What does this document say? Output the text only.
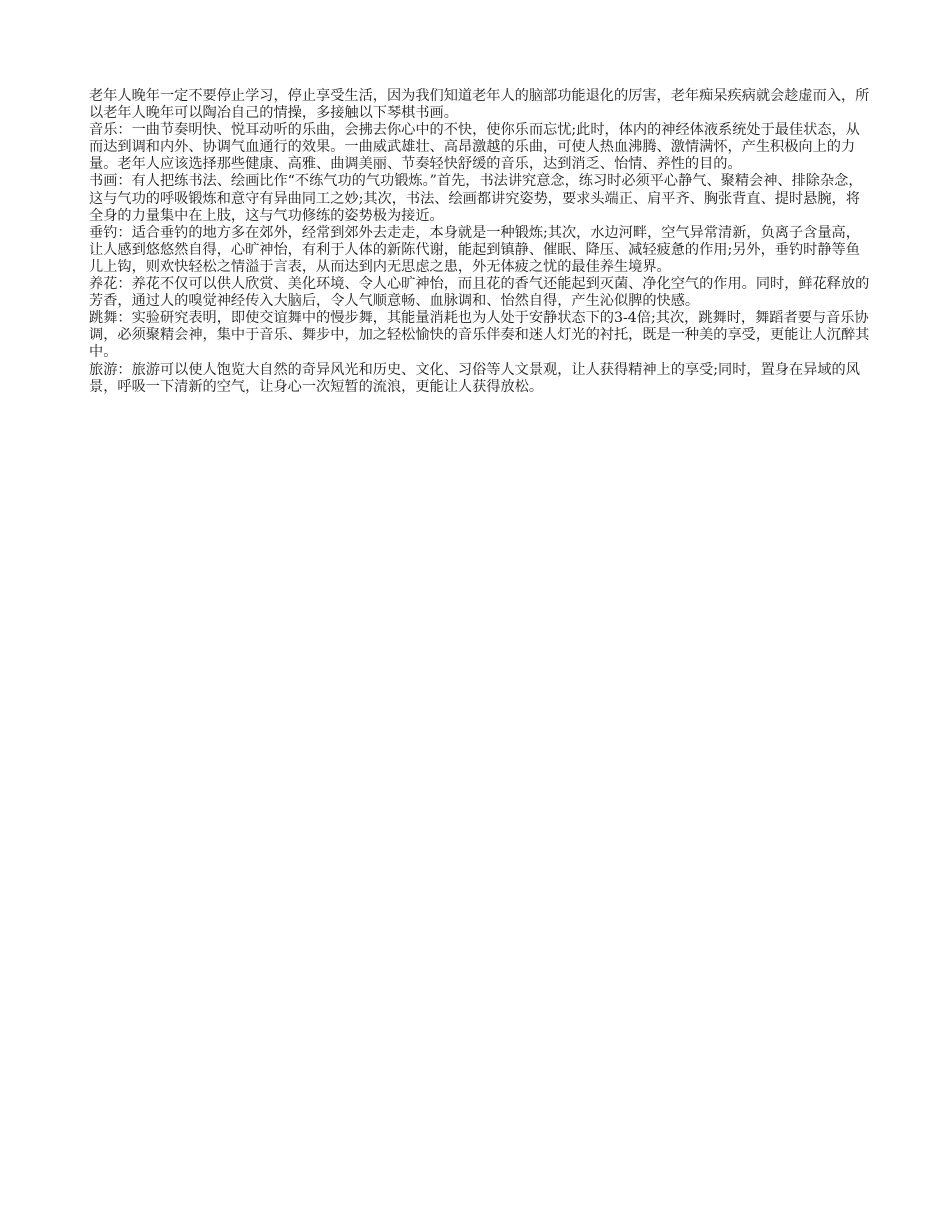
老年人晚年一定不要停止学习，停止享受生活，因为我们知道老年人的脑部功能退化的厉害，老年痴呆疾病就会趁虚而入，所以老年人晚年可以陶冶自己的情操，多接触以下琴棋书画。

音乐：一曲节奏明快、悦耳动听的乐曲，会拂去你心中的不快，使你乐而忘忧;此时，体内的神经体液系统处于最佳状态，从而达到调和内外、协调气血通行的效果。一曲威武雄壮、高昂激越的乐曲，可使人热血沸腾、激情满怀，产生积极向上的力量。老年人应该选择那些健康、高雅、曲调美丽、节奏轻快舒缓的音乐，达到消乏、怡情、养性的目的。

书画：有人把练书法、绘画比作“不练气功的气功锻炼。”首先，书法讲究意念，练习时必须平心静气、聚精会神、排除杂念，这与气功的呼吸锻炼和意守有异曲同工之妙;其次，书法、绘画都讲究姿势，要求头端正、肩平齐、胸张背直、提时悬腕，将全身的力量集中在上肢，这与气功修练的姿势极为接近。

垂钓：适合垂钓的地方多在郊外，经常到郊外去走走，本身就是一种锻炼;其次，水边河畔，空气异常清新，负离子含量高，让人感到悠悠然自得，心旷神怡，有利于人体的新陈代谢，能起到镇静、催眠、降压、减轻疲惫的作用;另外，垂钓时静等鱼儿上钩，则欢快轻松之情溢于言表，从而达到内无思虑之患，外无体疲之忧的最佳养生境界。

养花：养花不仅可以供人欣赏、美化环境、令人心旷神怡，而且花的香气还能起到灭菌、净化空气的作用。同时，鲜花释放的芳香，通过人的嗅觉神经传入大脑后，令人气顺意畅、血脉调和、怡然自得，产生沁似脾的快感。

跳舞：实验研究表明，即使交谊舞中的慢步舞，其能量消耗也为人处于安静状态下的3-4倍;其次，跳舞时，舞蹈者要与音乐协调，必须聚精会神，集中于音乐、舞步中，加之轻松愉快的音乐伴奏和迷人灯光的衬托，既是一种美的享受，更能让人沉醉其中。

旅游：旅游可以使人饱览大自然的奇异风光和历史、文化、习俗等人文景观，让人获得精神上的享受;同时，置身在异域的风景，呼吸一下清新的空气，让身心一次短暂的流浪，更能让人获得放松。
